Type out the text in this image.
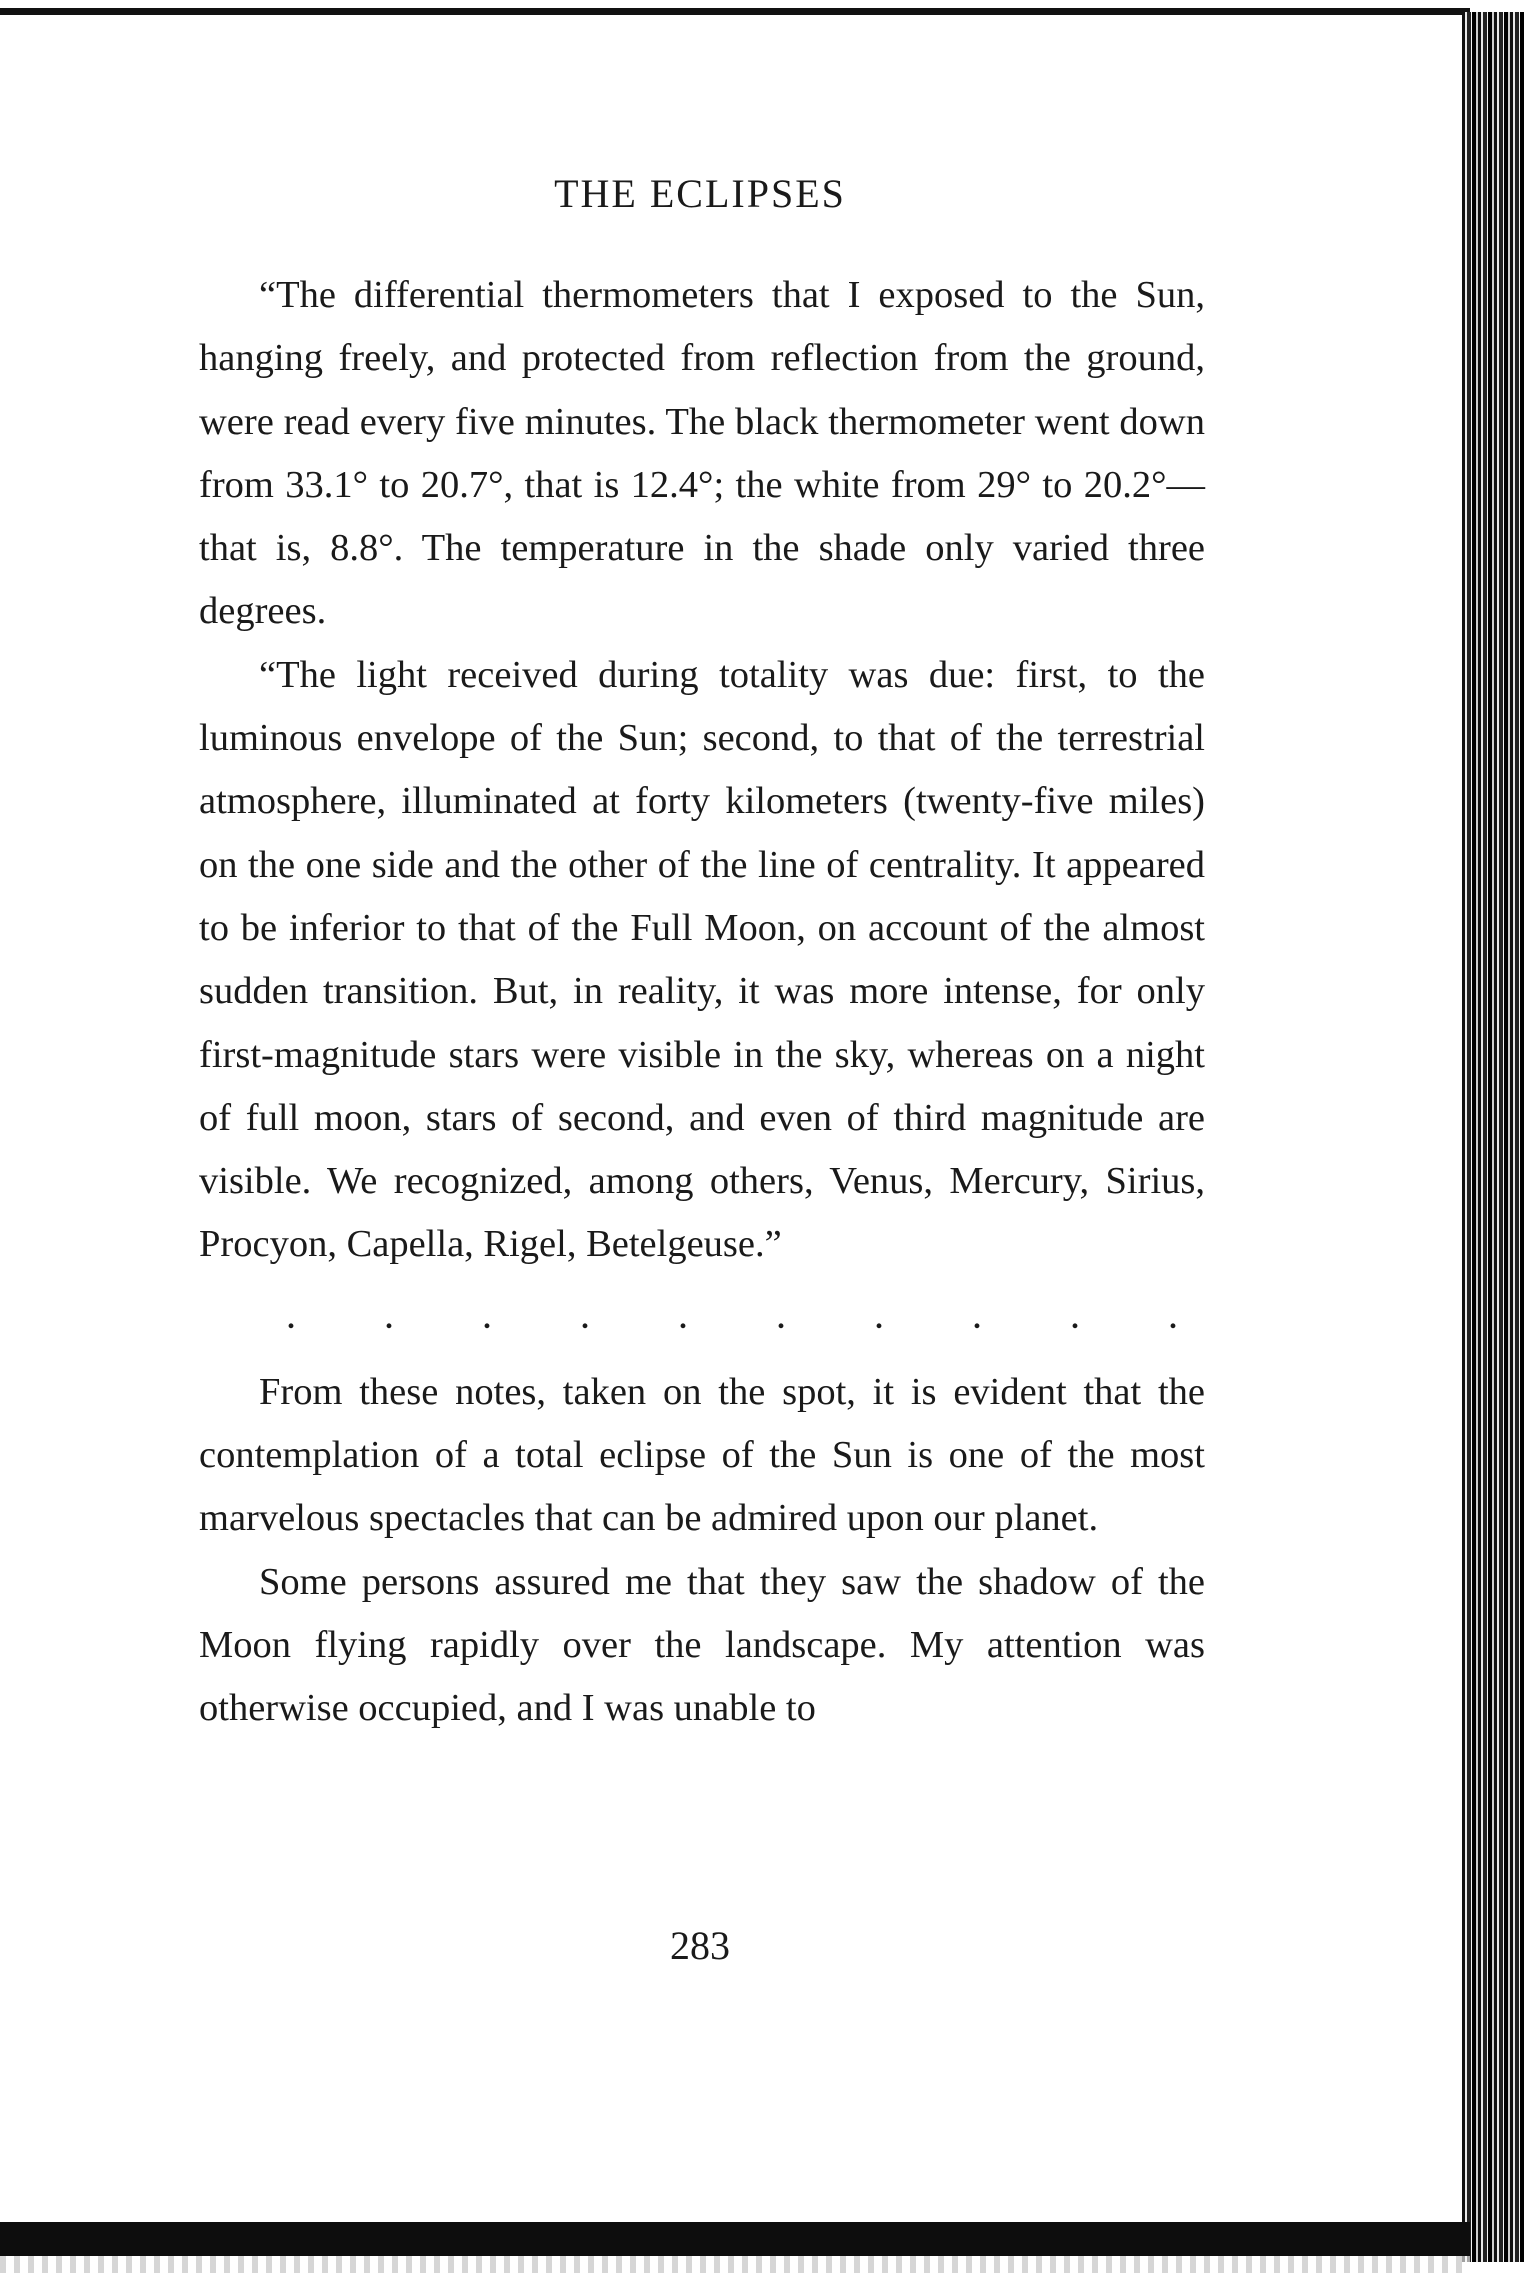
THE ECLIPSES

“The differential thermometers that I exposed to the Sun, hanging freely, and protected from reflection from the ground, were read every five minutes. The black thermometer went down from 33.1° to 20.7°, that is 12.4°; the white from 29° to 20.2°—that is, 8.8°. The temperature in the shade only varied three degrees.

“The light received during totality was due: first, to the luminous envelope of the Sun; second, to that of the terrestrial atmosphere, illuminated at forty kilometers (twenty-five miles) on the one side and the other of the line of centrality. It appeared to be inferior to that of the Full Moon, on account of the almost sudden transition. But, in reality, it was more intense, for only first-magnitude stars were visible in the sky, whereas on a night of full moon, stars of second, and even of third magnitude are visible. We recognized, among others, Venus, Mercury, Sirius, Procyon, Capella, Rigel, Betelgeuse.”

.	.	.	.	.	.	.	.	.	.

From these notes, taken on the spot, it is evident that the contemplation of a total eclipse of the Sun is one of the most marvelous spectacles that can be admired upon our planet.

Some persons assured me that they saw the shadow of the Moon flying rapidly over the landscape. My attention was otherwise occupied, and I was unable to

283
